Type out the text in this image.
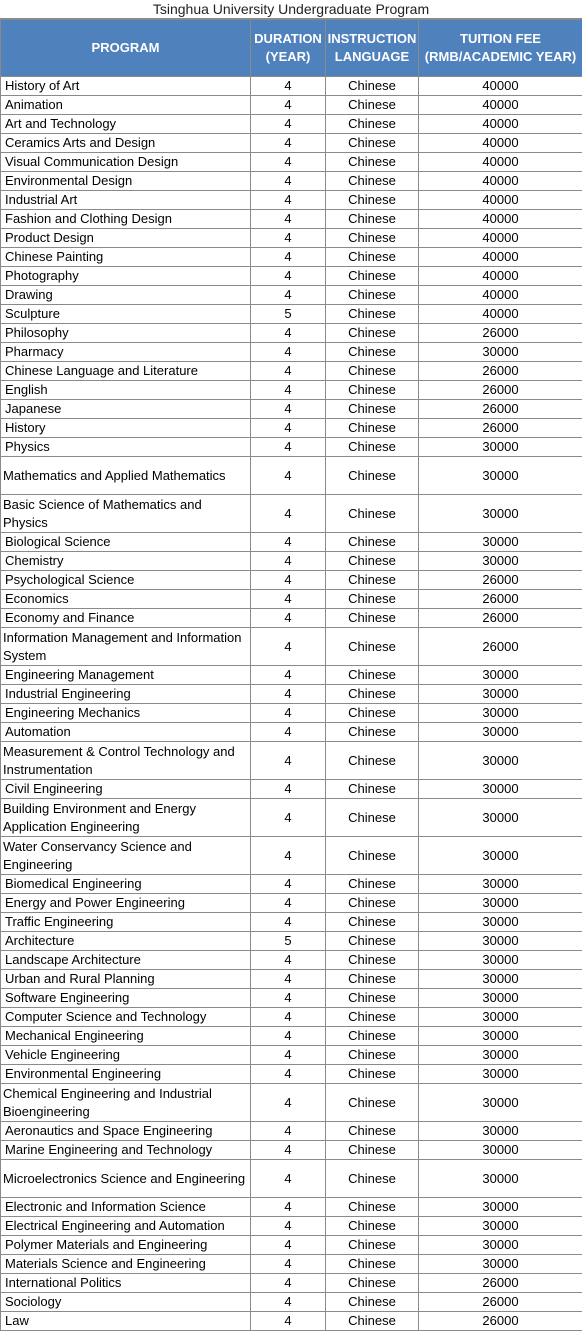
Tsinghua University Undergraduate Program
PROGRAM	DURATION (YEAR)	INSTRUCTION LANGUAGE	TUITION FEE (RMB/ACADEMIC YEAR)
History of Art	4	Chinese	40000
Animation	4	Chinese	40000
Art and Technology	4	Chinese	40000
Ceramics Arts and Design	4	Chinese	40000
Visual Communication Design	4	Chinese	40000
Environmental Design	4	Chinese	40000
Industrial Art	4	Chinese	40000
Fashion and Clothing Design	4	Chinese	40000
Product Design	4	Chinese	40000
Chinese Painting	4	Chinese	40000
Photography	4	Chinese	40000
Drawing	4	Chinese	40000
Sculpture	5	Chinese	40000
Philosophy	4	Chinese	26000
Pharmacy	4	Chinese	30000
Chinese Language and Literature	4	Chinese	26000
English	4	Chinese	26000
Japanese	4	Chinese	26000
History	4	Chinese	26000
Physics	4	Chinese	30000
Mathematics and Applied Mathematics	4	Chinese	30000
Basic Science of Mathematics and Physics	4	Chinese	30000
Biological Science	4	Chinese	30000
Chemistry	4	Chinese	30000
Psychological Science	4	Chinese	26000
Economics	4	Chinese	26000
Economy and Finance	4	Chinese	26000
Information Management and Information System	4	Chinese	26000
Engineering Management	4	Chinese	30000
Industrial Engineering	4	Chinese	30000
Engineering Mechanics	4	Chinese	30000
Automation	4	Chinese	30000
Measurement & Control Technology and Instrumentation	4	Chinese	30000
Civil Engineering	4	Chinese	30000
Building Environment and Energy Application Engineering	4	Chinese	30000
Water Conservancy Science and Engineering	4	Chinese	30000
Biomedical Engineering	4	Chinese	30000
Energy and Power Engineering	4	Chinese	30000
Traffic Engineering	4	Chinese	30000
Architecture	5	Chinese	30000
Landscape Architecture	4	Chinese	30000
Urban and Rural Planning	4	Chinese	30000
Software Engineering	4	Chinese	30000
Computer Science and Technology	4	Chinese	30000
Mechanical Engineering	4	Chinese	30000
Vehicle Engineering	4	Chinese	30000
Environmental Engineering	4	Chinese	30000
Chemical Engineering and Industrial Bioengineering	4	Chinese	30000
Aeronautics and Space Engineering	4	Chinese	30000
Marine Engineering and Technology	4	Chinese	30000
Microelectronics Science and Engineering	4	Chinese	30000
Electronic and Information Science	4	Chinese	30000
Electrical Engineering and Automation	4	Chinese	30000
Polymer Materials and Engineering	4	Chinese	30000
Materials Science and Engineering	4	Chinese	30000
International Politics	4	Chinese	26000
Sociology	4	Chinese	26000
Law	4	Chinese	26000
